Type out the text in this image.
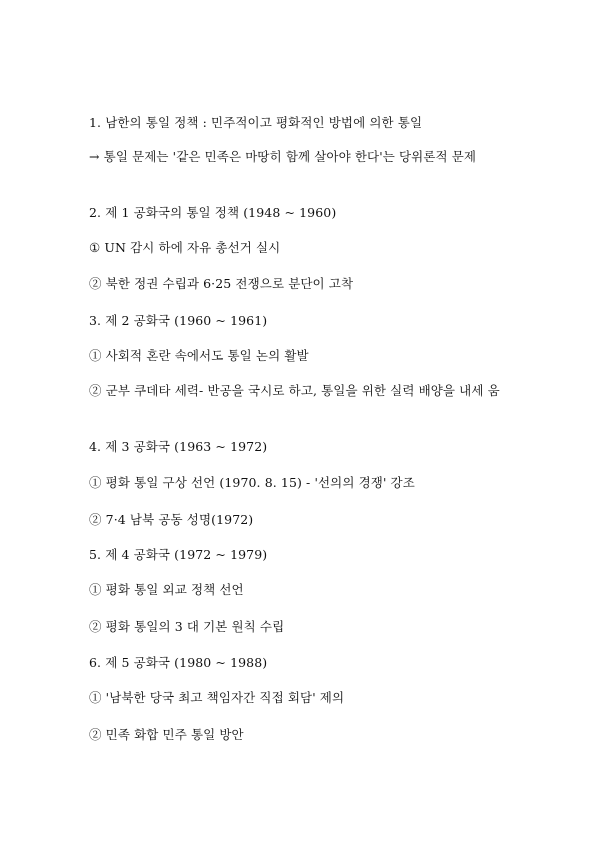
1. 남한의 통일 정책 : 민주적이고 평화적인 방법에 의한 통일
→ 통일 문제는 '같은 민족은 마땅히 함께 살아야 한다'는 당위론적 문제
2. 제 1 공화국의 통일 정책 (1948 ~ 1960)
① UN 감시 하에 자유 총선거 실시
② 북한 정권 수립과 6·25 전쟁으로 분단이 고착
3. 제 2 공화국 (1960 ~ 1961)
① 사회적 혼란 속에서도 통일 논의 활발
② 군부 쿠데타 세력- 반공을 국시로 하고, 통일을 위한 실력 배양을 내세 움
4. 제 3 공화국 (1963 ~ 1972)
① 평화 통일 구상 선언 (1970. 8. 15) - '선의의 경쟁' 강조
② 7·4 남북 공동 성명(1972)
5. 제 4 공화국 (1972 ~ 1979)
① 평화 통일 외교 정책 선언
② 평화 통일의 3 대 기본 원칙 수립
6. 제 5 공화국 (1980 ~ 1988)
① '남북한 당국 최고 책임자간 직접 회담' 제의
② 민족 화합 민주 통일 방안
